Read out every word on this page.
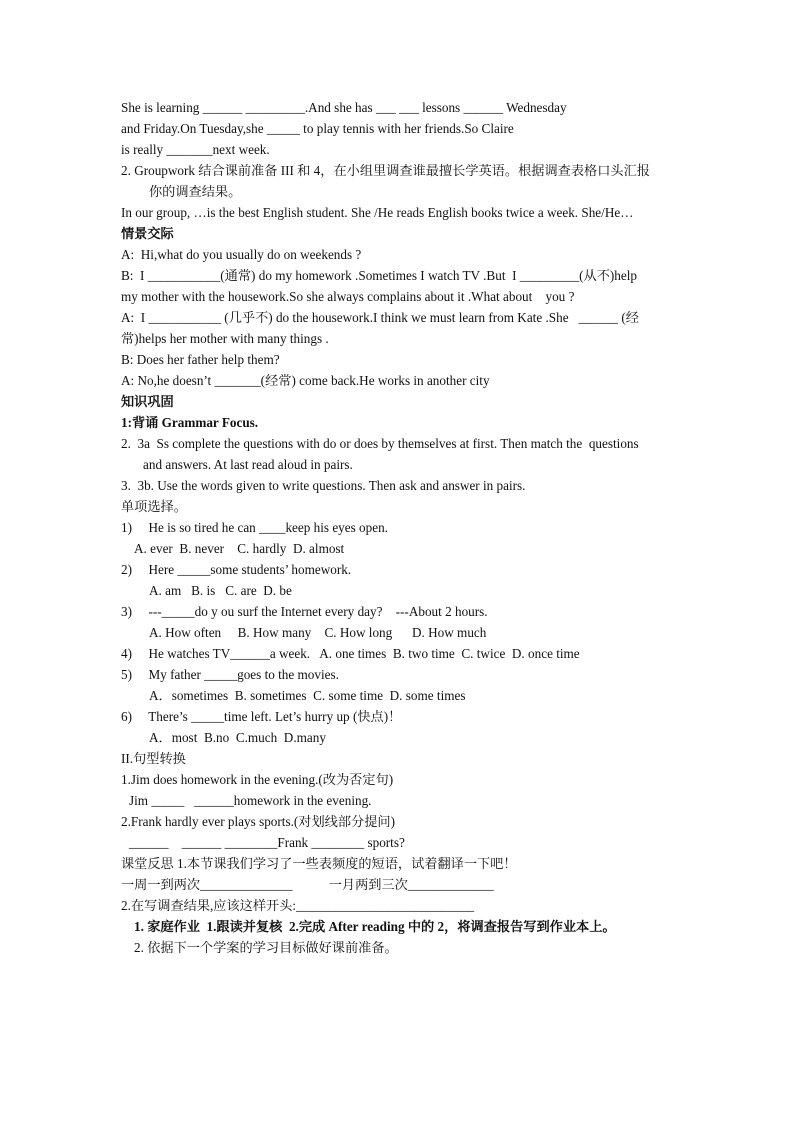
She is learning ______ _________.And she has ___ ___ lessons ______ Wednesday
and Friday.On Tuesday,she _____ to play tennis with her friends.So Claire
is really _______next week.
2. Groupwork 结合课前准备 III 和 4，在小组里调查谁最擅长学英语。根据调查表格口头汇报
你的调查结果。
In our group, …is the best English student. She /He reads English books twice a week. She/He…
情景交际
A:  Hi,what do you usually do on weekends ?
B:  I ___________(通常) do my homework .Sometimes I watch TV .But  I _________(从不)help
my mother with the housework.So she always complains about it .What about    you ?
A:  I ___________ (几乎不) do the housework.I think we must learn from Kate .She   ______ (经
常)helps her mother with many things .
B: Does her father help them?
A: No,he doesn’t _______(经常) come back.He works in another city
知识巩固
1:背诵 Grammar Focus.
2.  3a  Ss complete the questions with do or does by themselves at first. Then match the  questions
and answers. At last read aloud in pairs.
3.  3b. Use the words given to write questions. Then ask and answer in pairs.
单项选择。
1)     He is so tired he can ____keep his eyes open.
A. ever  B. never    C. hardly  D. almost
2)     Here _____some students’ homework.
A. am   B. is   C. are  D. be
3)     ---_____do y ou surf the Internet every day?    ---About 2 hours.
A. How often     B. How many    C. How long      D. How much
4)     He watches TV______a week.   A. one times  B. two time  C. twice  D. once time
5)     My father _____goes to the movies.
A．sometimes  B. sometimes  C. some time  D. some times
6)     There’s _____time left. Let’s hurry up (快点)！
A．most  B.no  C.much  D.many
II.句型转换
1.Jim does homework in the evening.(改为否定句)
Jim _____   ______homework in the evening.
2.Frank hardly ever plays sports.(对划线部分提问)
______    ______ ________Frank ________ sports?
课堂反思 1.本节课我们学习了一些表频度的短语，试着翻译一下吧！
一周一到两次______________           一月两到三次_____________
2.在写调查结果,应该这样开头:___________________________
1. 家庭作业  1.跟读并复核  2.完成 After reading 中的 2，将调查报告写到作业本上。
2. 依据下一个学案的学习目标做好课前准备。
